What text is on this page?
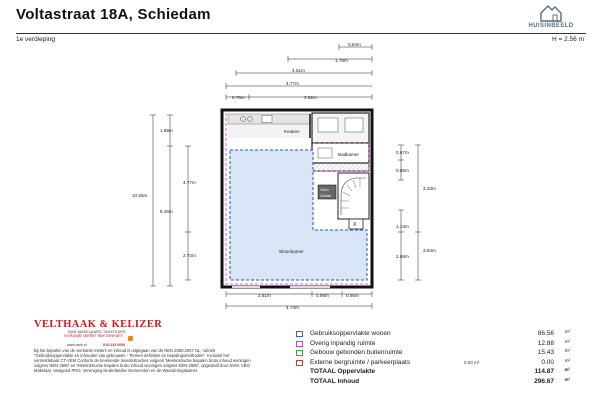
Voltastraat 18A, Schiedam
HUISINBEELD
1e verdieping	H = 2.56 m
0.84m
1.78m
4.51m
4.77m
0.76m	3.92m
1.89m
4.77m
8.46m
10.55m
2.72m
0.67m
0.85m
3.33m
1.13m
3.53m
2.68m
2.81m	0.98m	0.95m
4.74m
Keuken
Badkamer
Vlizo
Zolder
X
Woonkamer
VELTHAAK & KELIZER
NVM MAKELAARS-TAXATEURS
verkoopt sneller met meerder
www.vsnk.nl	010-233 0050
Bij het bepalen van de vierkante meters en inhoud is uitgegaan van de NEN 2580:2007 NL, rubriek "Gebruiksoppervlakte en inhouden van gebouwen - Termen definities en bepalingsmethoden". Inclusief het vermeldebaar CT-VEM Conform de berekende meetinstructies volgens 'Meetinstructie bepalen bruto inhoud woningen volgens NEN-2580' en 'Meetinstructie bepalen bruto inhoud woningen volgens NEN-2580', opgesteld door NVM, VBO Makelaar, Vastgoed PRO, Vereniging Nederlandse Gemeenten en de Waarderingskamer.
Gebruiksoppervlakte wonen	86.56 m²
Overig inpandig ruimte	12.88 m²
Gebouw gebonden buitenruimte	15.43 m²
Externe bergruimte / parkeerplaats	0.00 m²	0.00 m²
TOTAAL Oppervlakte	114.87 m²
TOTAAL Inhoud	296.67 m³
